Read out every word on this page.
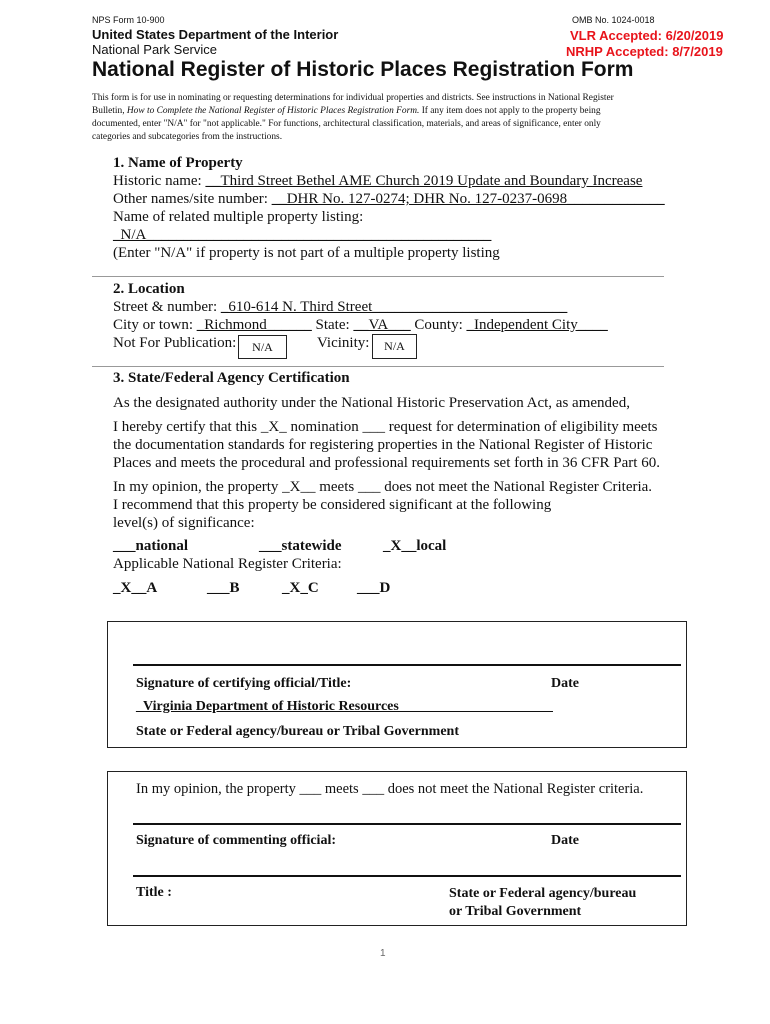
NPS Form 10-900	OMB No. 1024-0018
United States Department of the Interior
National Park Service
VLR Accepted: 6/20/2019
NRHP Accepted: 8/7/2019
National Register of Historic Places Registration Form
This form is for use in nominating or requesting determinations for individual properties and districts. See instructions in National Register
Bulletin, How to Complete the National Register of Historic Places Registration Form. If any item does not apply to the property being
documented, enter "N/A" for "not applicable." For functions, architectural classification, materials, and areas of significance, enter only
categories and subcategories from the instructions.
1. Name of Property
Historic name: __Third Street Bethel AME Church 2019 Update and Boundary Increase
Other names/site number: __DHR No. 127-0274; DHR No. 127-0237-0698_____________
Name of related multiple property listing:
_N/A______________________________________________
(Enter "N/A" if property is not part of a multiple property listing
2. Location
Street & number: _610-614 N. Third Street__________________________
City or town: _Richmond______ State: __VA___ County: _Independent City____
Not For Publication:	N/A	Vicinity:	N/A
3. State/Federal Agency Certification
As the designated authority under the National Historic Preservation Act, as amended,
I hereby certify that this _X_ nomination ___ request for determination of eligibility meets
the documentation standards for registering properties in the National Register of Historic
Places and meets the procedural and professional requirements set forth in 36 CFR Part 60.
In my opinion, the property _X__ meets ___ does not meet the National Register Criteria.
I recommend that this property be considered significant at the following
level(s) of significance:
___national	___statewide	_X__local
Applicable National Register Criteria:
_X__A	___B	_X_C	___D
Signature of certifying official/Title:	Date
_Virginia Department of Historic Resources______________________
State or Federal agency/bureau or Tribal Government
In my opinion, the property ___ meets ___ does not meet the National Register criteria.
Signature of commenting official:	Date
Title :	State or Federal agency/bureau
or Tribal Government
1
